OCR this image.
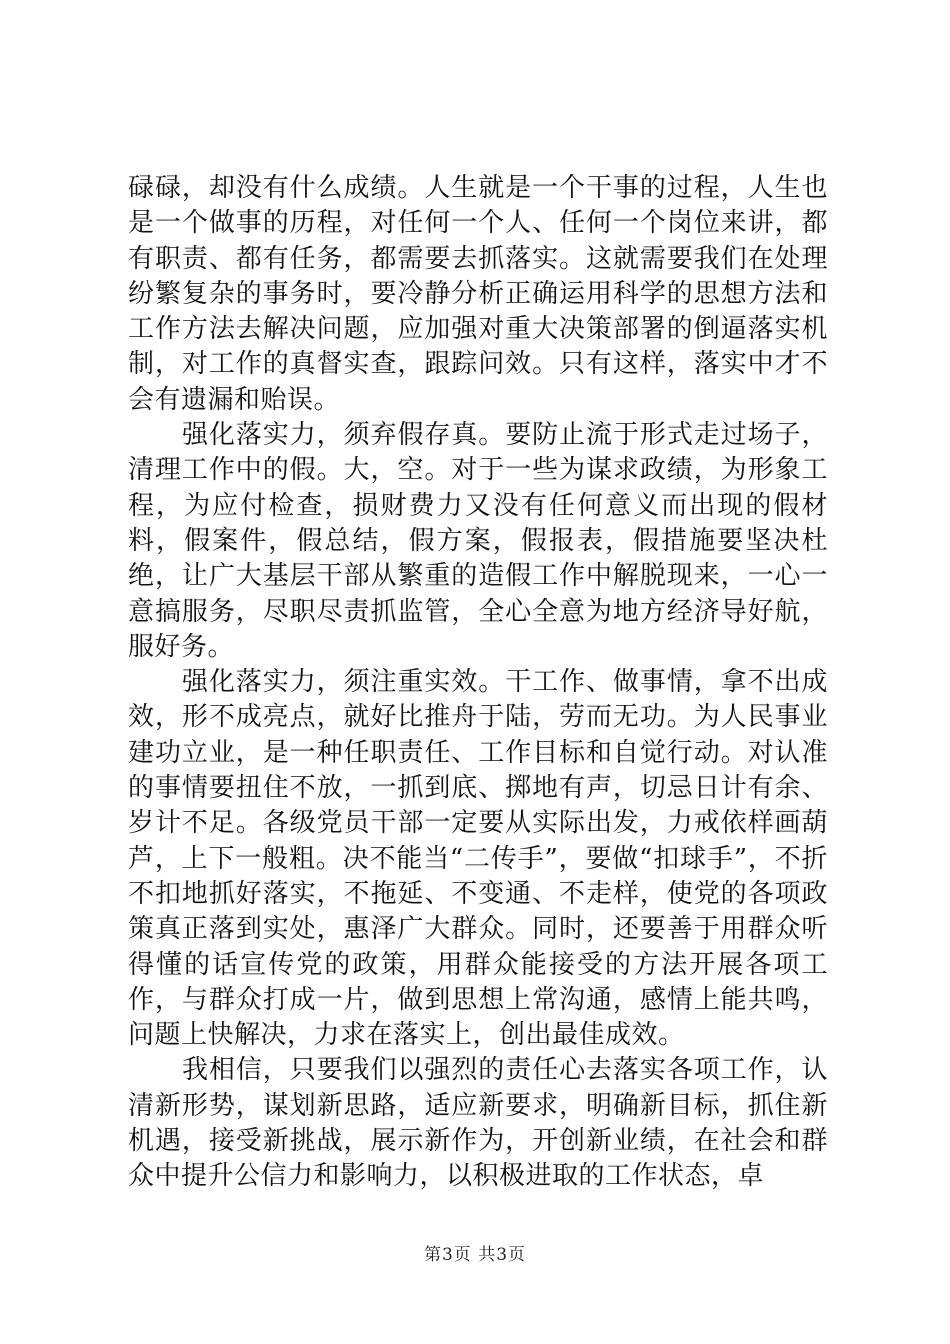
碌碌，却没有什么成绩。人生就是一个干事的过程，人生也是一个做事的历程，对任何一个人、任何一个岗位来讲，都有职责、都有任务，都需要去抓落实。这就需要我们在处理纷繁复杂的事务时，要冷静分析正确运用科学的思想方法和工作方法去解决问题，应加强对重大决策部署的倒逼落实机制，对工作的真督实查，跟踪问效。只有这样，落实中才不会有遗漏和贻误。

强化落实力，须弃假存真。要防止流于形式走过场子，清理工作中的假。大，空。对于一些为谋求政绩，为形象工程，为应付检查，损财费力又没有任何意义而出现的假材料，假案件，假总结，假方案，假报表，假措施要坚决杜绝，让广大基层干部从繁重的造假工作中解脱现来，一心一意搞服务，尽职尽责抓监管，全心全意为地方经济导好航，服好务。

强化落实力，须注重实效。干工作、做事情，拿不出成效，形不成亮点，就好比推舟于陆，劳而无功。为人民事业建功立业，是一种任职责任、工作目标和自觉行动。对认准的事情要扭住不放，一抓到底、掷地有声，切忌日计有余、岁计不足。各级党员干部一定要从实际出发，力戒依样画葫芦，上下一般粗。决不能当“二传手”，要做“扣球手”，不折不扣地抓好落实，不拖延、不变通、不走样，使党的各项政策真正落到实处，惠泽广大群众。同时，还要善于用群众听得懂的话宣传党的政策，用群众能接受的方法开展各项工作，与群众打成一片，做到思想上常沟通，感情上能共鸣，问题上快解决，力求在落实上，创出最佳成效。

我相信，只要我们以强烈的责任心去落实各项工作，认清新形势，谋划新思路，适应新要求，明确新目标，抓住新机遇，接受新挑战，展示新作为，开创新业绩，在社会和群众中提升公信力和影响力，以积极进取的工作状态，卓

第3页 共3页
